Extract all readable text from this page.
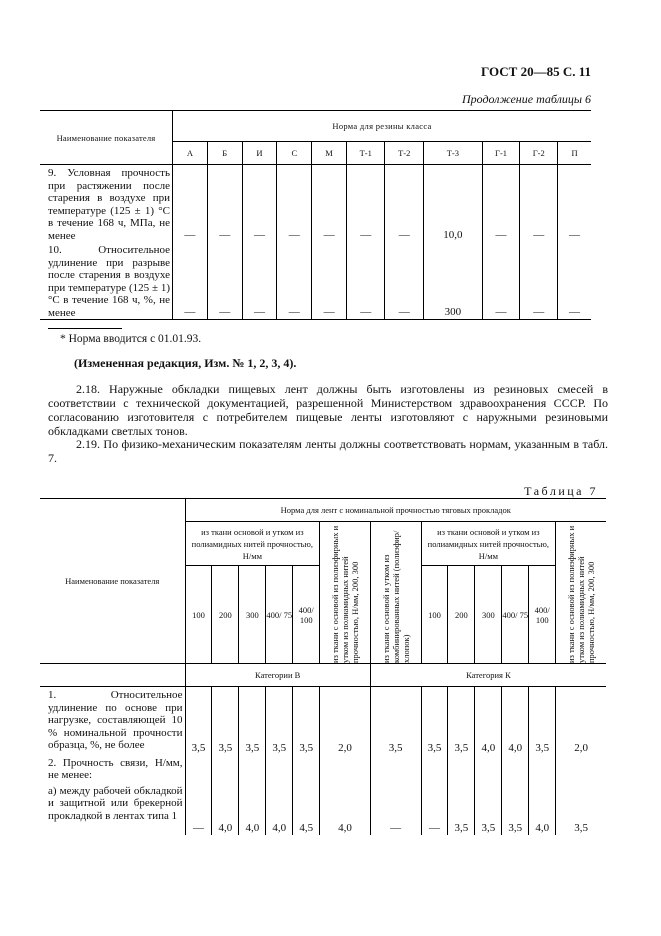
ГОСТ 20—85 С. 11
Продолжение таблицы 6
Наименование показателя	Норма для резины класса										
	А	Б	И	С	М	Т-1	Т-2	Т-3	Г-1	Г-2	П
9. Условная прочность при растяжении после старения в воздухе при температуре (125 ± 1) °С в течение 168 ч, МПа, не менее	—	—	—	—	—	—	—	10,0	—	—	—
10. Относительное удлинение при разрыве после старения в воздухе при температуре (125 ± 1) °С в течение 168 ч, %, не менее	—	—	—	—	—	—	—	300	—	—	—
* Норма вводится с 01.01.93.
(Измененная редакция, Изм. № 1, 2, 3, 4).
2.18. Наружные обкладки пищевых лент должны быть изготовлены из резиновых смесей в соответствии с технической документацией, разрешенной Министерством здравоохранения СССР. По согласованию изготовителя с потребителем пищевые ленты изготовляют с наружными резиновыми обкладками светлых тонов.
2.19. По физико-механическим показателям ленты должны соответствовать нормам, указанным в табл. 7.
Таблица 7
Наименование показателя	Норма для лент с номинальной прочностью тяговых прокладок												
	из ткани основой и утком из полиамидных нитей прочностью, Н/мм					из ткани с основой из полиэфирных и утком из полиамидных нитей прочностью, Н/мм, 200, 300	из ткани с основой и утком из комбинированных нитей (полиэфир/хлопок)	из ткани основой и утком из полиамидных нитей прочностью, Н/мм					из ткани с основой из полиэфирных и утком из полиамидных нитей прочностью, Н/мм, 200, 300

	100	200	300	400/ 75	400/ 100			100	200	300	400/ 75	400/ 100	
	Категории В						Категория К						
1. Относительное удлинение по основе при нагрузке, составляющей 10 % номинальной прочности образца, %, не более	3,5	3,5	3,5	3,5	3,5	2,0	3,5	3,5	3,5	4,0	4,0	3,5	2,0
2. Прочность связи, Н/мм, не менее:													
а) между рабочей обкладкой и защитной или брекерной прокладкой в лентах типа 1	—	4,0	4,0	4,0	4,5	4,0	—	—	3,5	3,5	3,5	4,0	3,5
